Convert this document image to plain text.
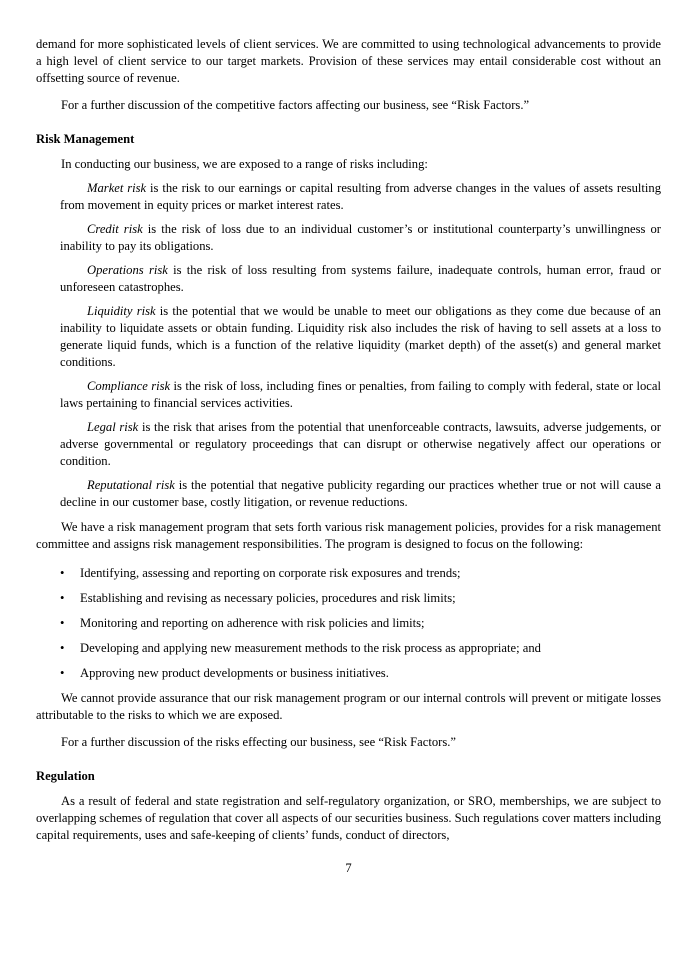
demand for more sophisticated levels of client services. We are committed to using technological advancements to provide a high level of client service to our target markets. Provision of these services may entail considerable cost without an offsetting source of revenue.

For a further discussion of the competitive factors affecting our business, see “Risk Factors.”

Risk Management

In conducting our business, we are exposed to a range of risks including:

Market risk is the risk to our earnings or capital resulting from adverse changes in the values of assets resulting from movement in equity prices or market interest rates.

Credit risk is the risk of loss due to an individual customer’s or institutional counterparty’s unwillingness or inability to pay its obligations.

Operations risk is the risk of loss resulting from systems failure, inadequate controls, human error, fraud or unforeseen catastrophes.

Liquidity risk is the potential that we would be unable to meet our obligations as they come due because of an inability to liquidate assets or obtain funding. Liquidity risk also includes the risk of having to sell assets at a loss to generate liquid funds, which is a function of the relative liquidity (market depth) of the asset(s) and general market conditions.

Compliance risk is the risk of loss, including fines or penalties, from failing to comply with federal, state or local laws pertaining to financial services activities.

Legal risk is the risk that arises from the potential that unenforceable contracts, lawsuits, adverse judgements, or adverse governmental or regulatory proceedings that can disrupt or otherwise negatively affect our operations or condition.

Reputational risk is the potential that negative publicity regarding our practices whether true or not will cause a decline in our customer base, costly litigation, or revenue reductions.

We have a risk management program that sets forth various risk management policies, provides for a risk management committee and assigns risk management responsibilities. The program is designed to focus on the following:

• Identifying, assessing and reporting on corporate risk exposures and trends;
• Establishing and revising as necessary policies, procedures and risk limits;
• Monitoring and reporting on adherence with risk policies and limits;
• Developing and applying new measurement methods to the risk process as appropriate; and
• Approving new product developments or business initiatives.

We cannot provide assurance that our risk management program or our internal controls will prevent or mitigate losses attributable to the risks to which we are exposed.

For a further discussion of the risks effecting our business, see “Risk Factors.”

Regulation

As a result of federal and state registration and self-regulatory organization, or SRO, memberships, we are subject to overlapping schemes of regulation that cover all aspects of our securities business. Such regulations cover matters including capital requirements, uses and safe-keeping of clients’ funds, conduct of directors,

7
